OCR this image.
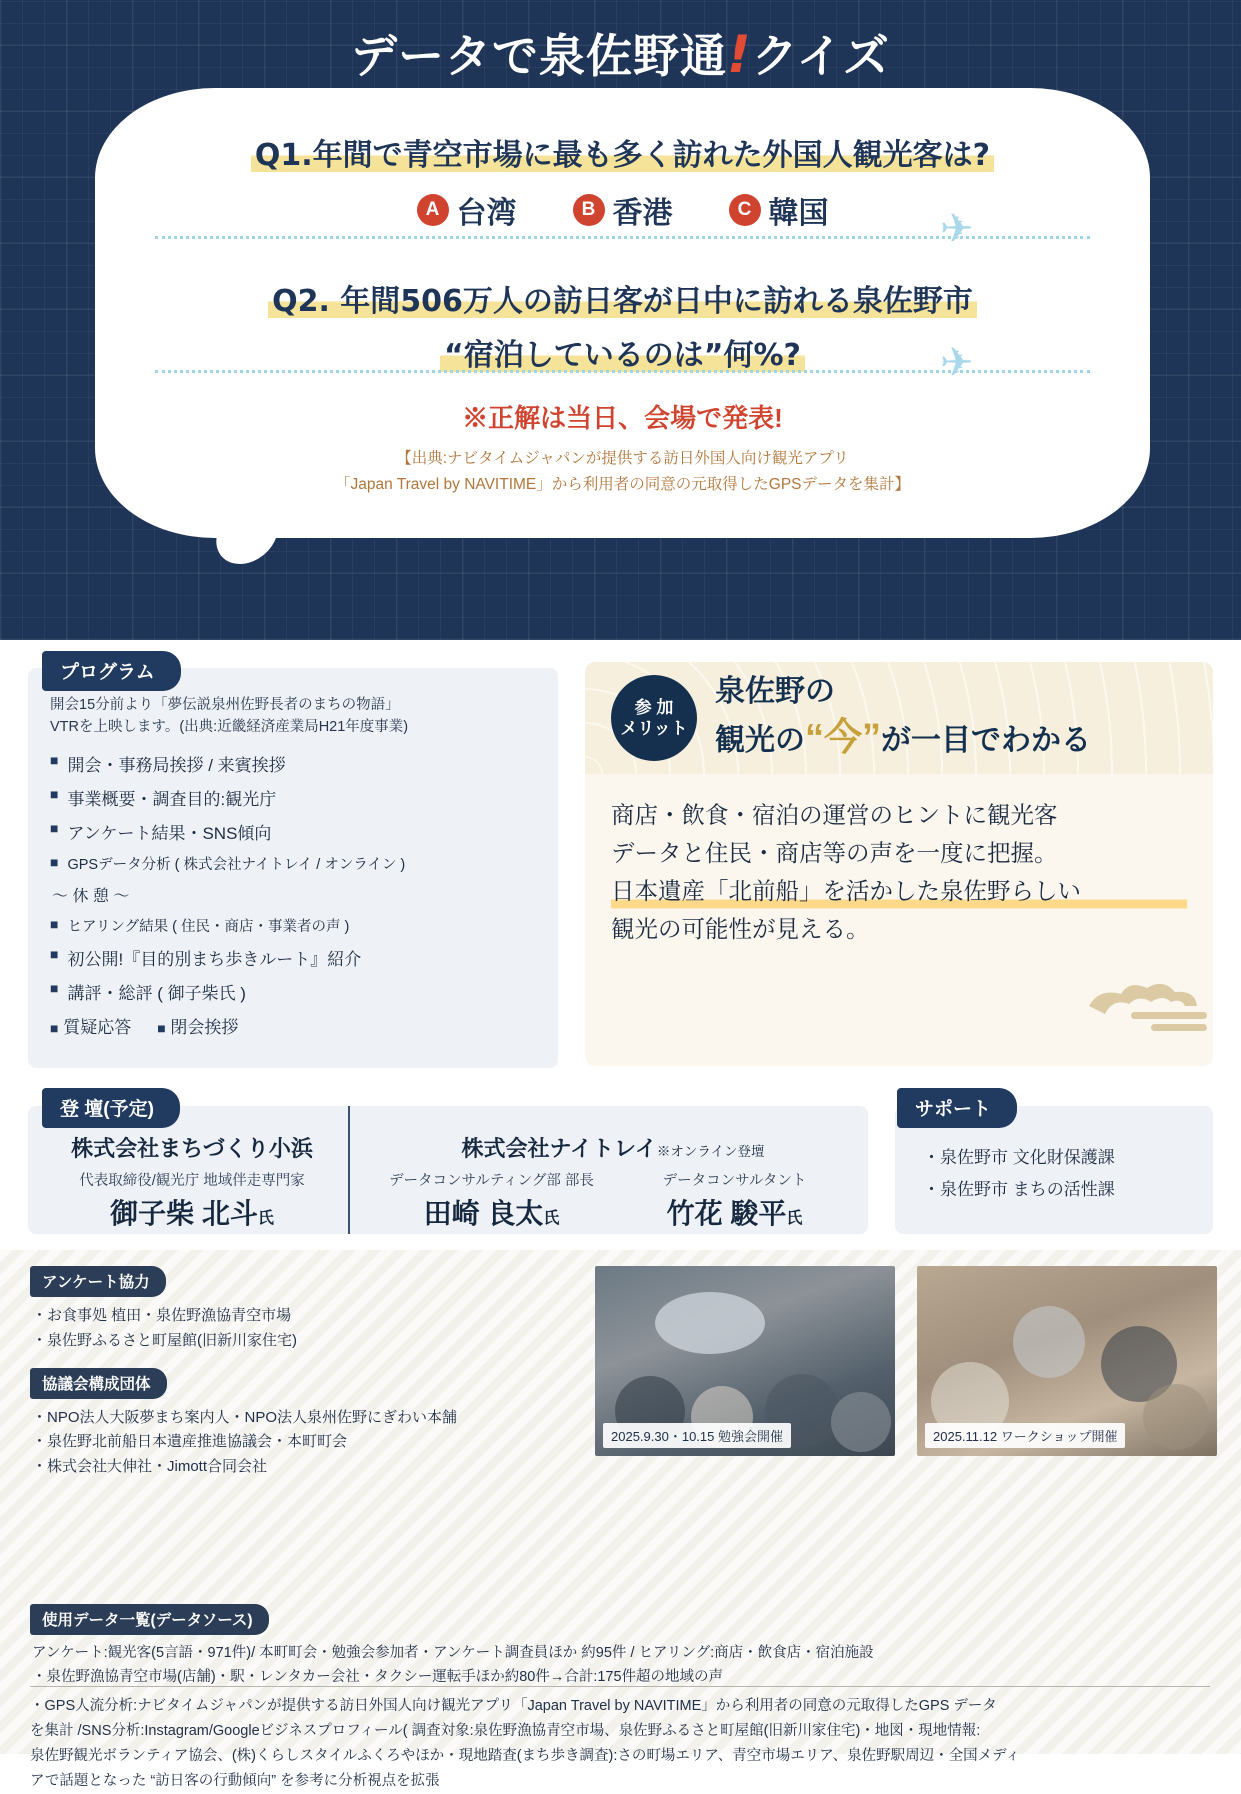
データで泉佐野通!クイズ
Q1.年間で青空市場に最も多く訪れた外国人観光客は?
A 台湾	B 香港	C 韓国	✈
Q2. 年間506万人の訪日客が日中に訪れる泉佐野市
“宿泊しているのは”何%?	✈
※正解は当日、会場で発表!
【出典:ナビタイムジャパンが提供する訪日外国人向け観光アプリ
「Japan Travel by NAVITIME」から利用者の同意の元取得したGPSデータを集計】
プログラム
開会15分前より「夢伝説泉州佐野長者のまちの物語」
VTRを上映します。(出典:近畿経済産業局H21年度事業)
■ 開会・事務局挨拶 / 来賓挨拶
■ 事業概要・調査目的:観光庁
■ アンケート結果・SNS傾向
■ GPSデータ分析 ( 株式会社ナイトレイ / オンライン )
〜 休 憩 〜
■ ヒアリング結果 ( 住民・商店・事業者の声 )
■ 初公開!『目的別まち歩きルート』紹介
■ 講評・総評 ( 御子柴氏 )
■ 質疑応答 ■ 閉会挨拶
参 加
メリット
泉佐野の
観光の“今”が一目でわかる
商店・飲食・宿泊の運営のヒントに観光客
データと住民・商店等の声を一度に把握。
日本遺産「北前船」を活かした泉佐野らしい
観光の可能性が見える。
登 壇(予定)
株式会社まちづくり小浜
代表取締役/観光庁 地域伴走専門家
御子柴 北斗氏
株式会社ナイトレイ※オンライン登壇
データコンサルティング部 部長
田崎 良太氏
データコンサルタント
竹花 駿平氏
サポート
・泉佐野市 文化財保護課
・泉佐野市 まちの活性課
アンケート協力
・お食事処 植田・泉佐野漁協青空市場
・泉佐野ふるさと町屋館(旧新川家住宅)
協議会構成団体
・NPO法人大阪夢まち案内人・NPO法人泉州佐野にぎわい本舗
・泉佐野北前船日本遺産推進協議会・本町町会
・株式会社大伸社・Jimott合同会社
2025.9.30・10.15 勉強会開催	2025.11.12 ワークショップ開催
使用データ一覧(データソース)
アンケート:観光客(5言語・971件)/ 本町町会・勉強会参加者・アンケート調査員ほか 約95件 / ヒアリング:商店・飲食店・宿泊施設
・泉佐野漁協青空市場(店舗)・駅・レンタカー会社・タクシー運転手ほか約80件→合計:175件超の地域の声
・GPS人流分析:ナビタイムジャパンが提供する訪日外国人向け観光アプリ「Japan Travel by NAVITIME」から利用者の同意の元取得したGPS データ
を集計 /SNS分析:Instagram/Googleビジネスプロフィール( 調査対象:泉佐野漁協青空市場、泉佐野ふるさと町屋館(旧新川家住宅)・地図・現地情報:
泉佐野観光ボランティア協会、(株)くらしスタイルふくろやほか・現地踏査(まち歩き調査):さの町場エリア、青空市場エリア、泉佐野駅周辺・全国メディ
アで話題となった “訪日客の行動傾向” を参考に分析視点を拡張
